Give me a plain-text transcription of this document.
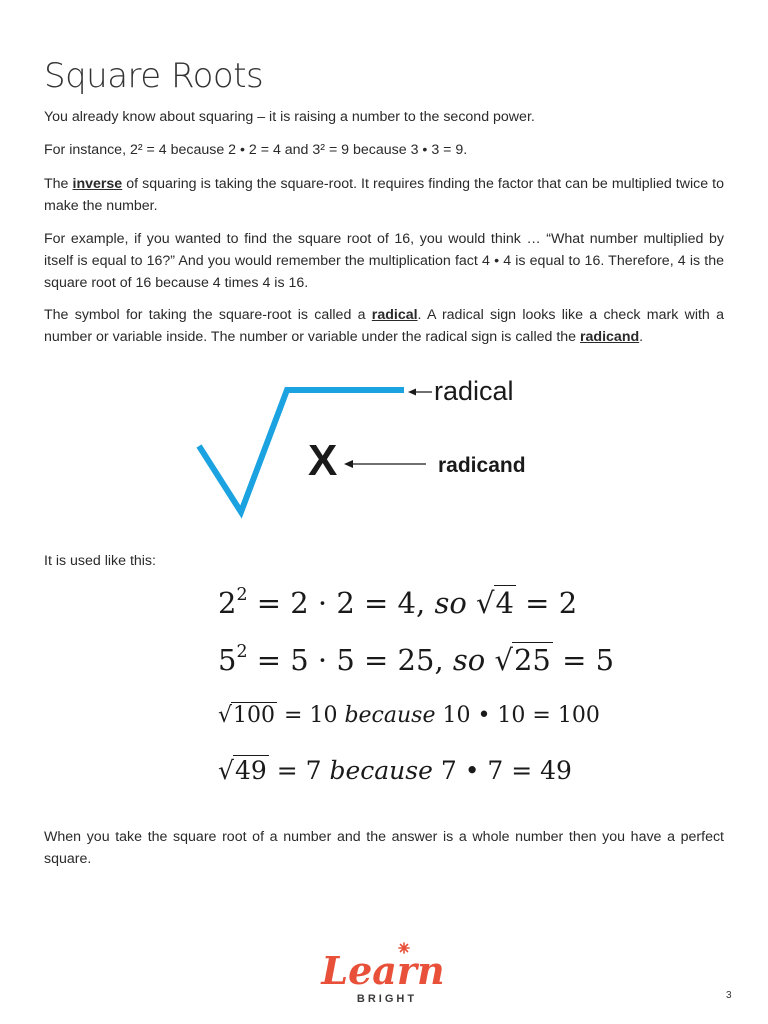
Square Roots

You already know about squaring – it is raising a number to the second power.

For instance, 2² = 4 because 2 • 2 = 4 and 3² = 9 because 3 • 3 = 9.

The inverse of squaring is taking the square-root. It requires finding the factor that can be multiplied twice to make the number.

For example, if you wanted to find the square root of 16, you would think … “What number multiplied by itself is equal to 16?” And you would remember the multiplication fact 4 • 4 is equal to 16. Therefore, 4 is the square root of 16 because 4 times 4 is 16.

The symbol for taking the square-root is called a radical. A radical sign looks like a check mark with a number or variable inside. The number or variable under the radical sign is called the radicand.

radical
X	radicand

It is used like this:

$2^2 = 2 \cdot 2 = 4$, so √4 = 2
$5^2 = 5 \cdot 5 = 25$, so √25 = 5
√100 = 10 because 10 • 10 = 100
√49 = 7 because 7 • 7 = 49

When you take the square root of a number and the answer is a whole number then you have a perfect square.

Learn
BRIGHT	3
